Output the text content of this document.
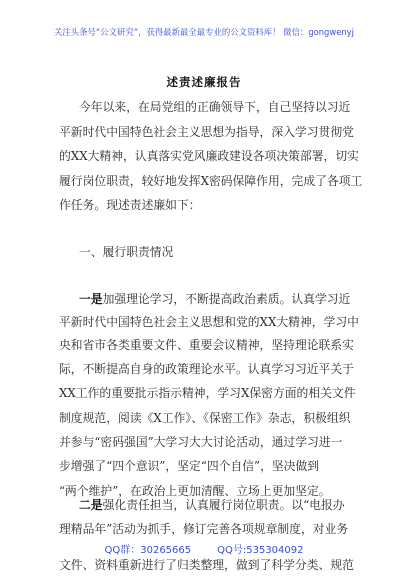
关注头条号“公文研究”，获得最新最全最专业的公文资料库！ 微信：gongwenyj
述责述廉报告
今年以来，在局党组的正确领导下，自己坚持以习近
平新时代中国特色社会主义思想为指导，深入学习贯彻党
的XX大精神，认真落实党风廉政建设各项决策部署，切实
履行岗位职责，较好地发挥X密码保障作用，完成了各项工
作任务。现述责述廉如下：
一、履行职责情况
一是加强理论学习，不断提高政治素质。认真学习近
平新时代中国特色社会主义思想和党的XX大精神，学习中
央和省市各类重要文件、重要会议精神，坚持理论联系实
际，不断提高自身的政策理论水平。认真学习习近平关于
XX工作的重要批示指示精神，学习X保密方面的相关文件
制度规范，阅读《X工作》、《保密工作》杂志，积极组织
并参与“密码强国”大学习大大讨论活动，通过学习进一
步增强了“四个意识”，坚定“四个自信”，坚决做到
“两个维护”，在政治上更加清醒、立场上更加坚定。
二是强化责任担当，认真履行岗位职责。以“电报办
理精品年”活动为抓手，修订完善各项规章制度，对业务
文件、资料重新进行了归类整理，做到了科学分类、规范
QQ群：30265665	QQ号:535304092
